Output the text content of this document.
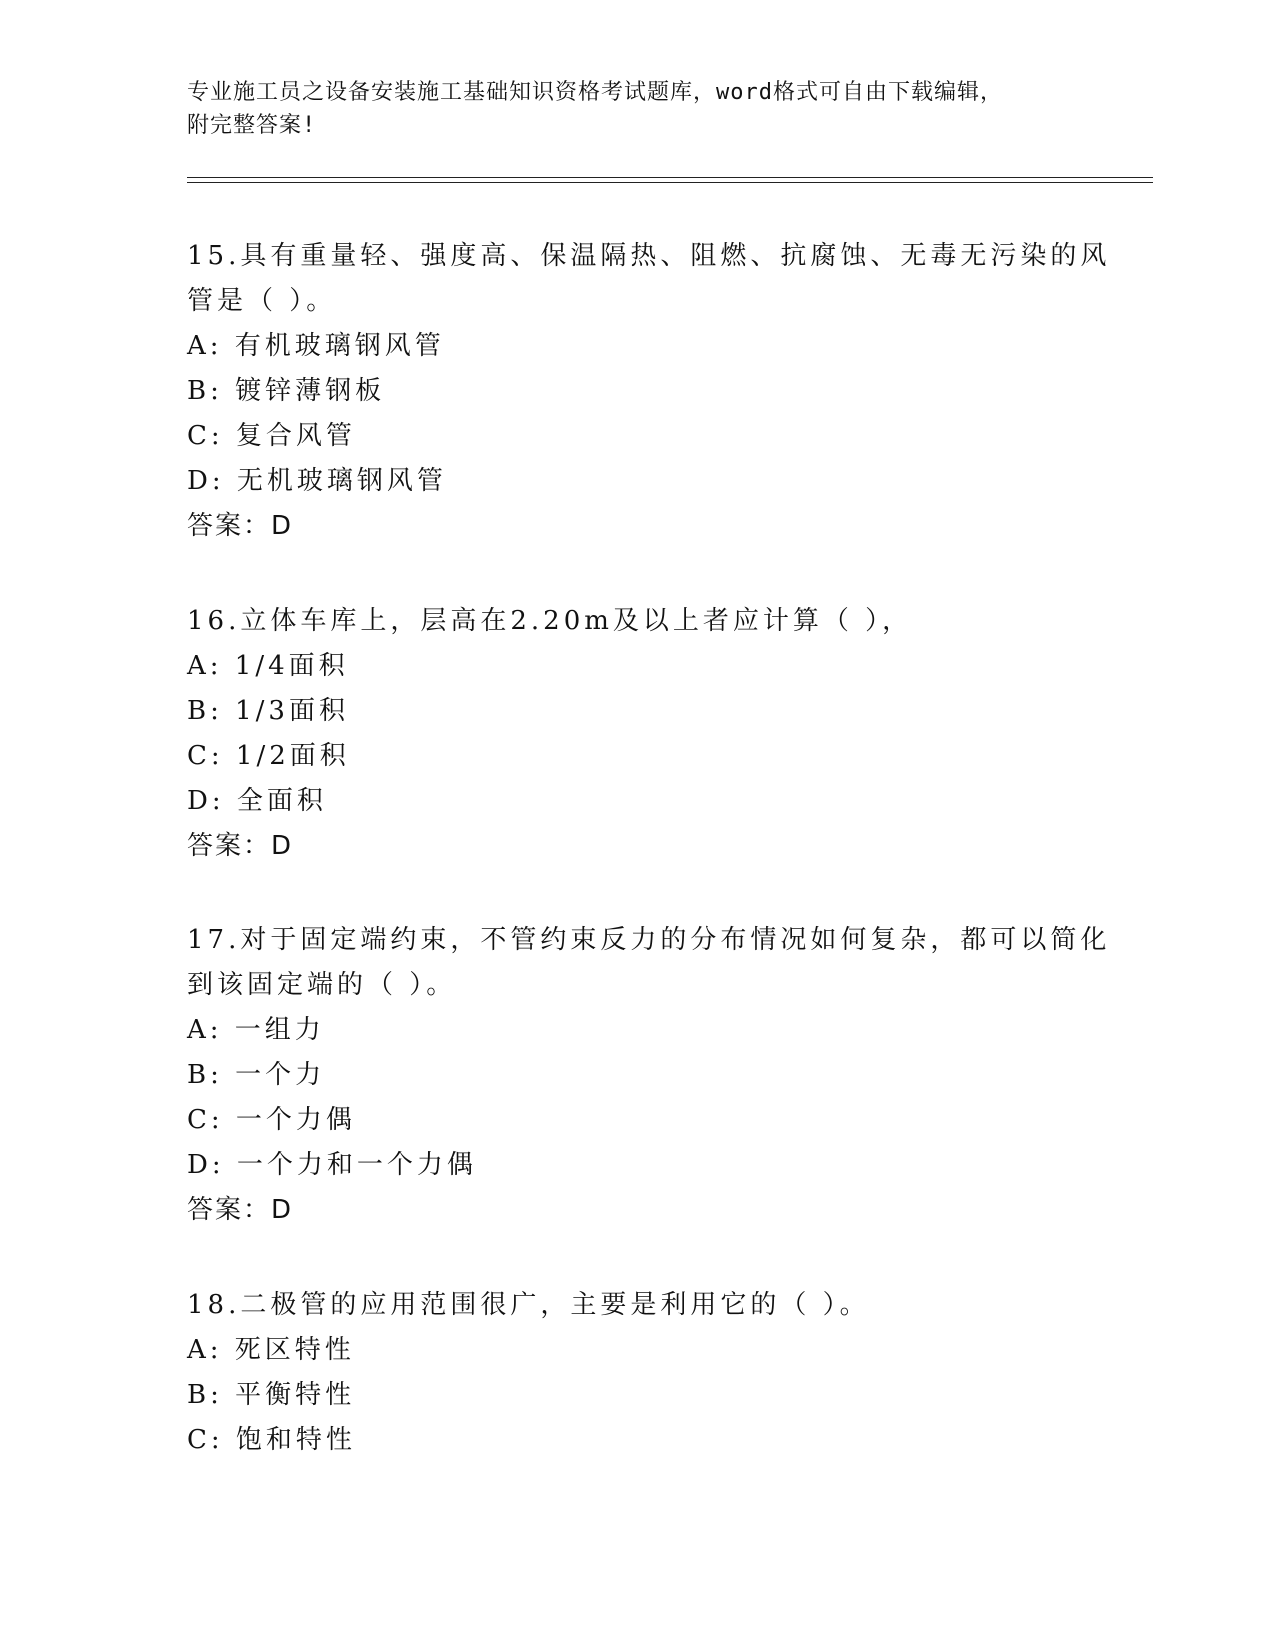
专业施工员之设备安装施工基础知识资格考试题库，word格式可自由下载编辑，
附完整答案!
15.具有重量轻、强度高、保温隔热、阻燃、抗腐蚀、无毒无污染的风
管是（ ）。
A: 有机玻璃钢风管
B: 镀锌薄钢板
C: 复合风管
D: 无机玻璃钢风管
答案：D
16.立体车库上，层高在2.20m及以上者应计算（ ），
A: 1/4面积
B: 1/3面积
C: 1/2面积
D: 全面积
答案：D
17.对于固定端约束，不管约束反力的分布情况如何复杂，都可以简化
到该固定端的（ ）。
A: 一组力
B: 一个力
C: 一个力偶
D: 一个力和一个力偶
答案：D
18.二极管的应用范围很广，主要是利用它的（ ）。
A: 死区特性
B: 平衡特性
C: 饱和特性
